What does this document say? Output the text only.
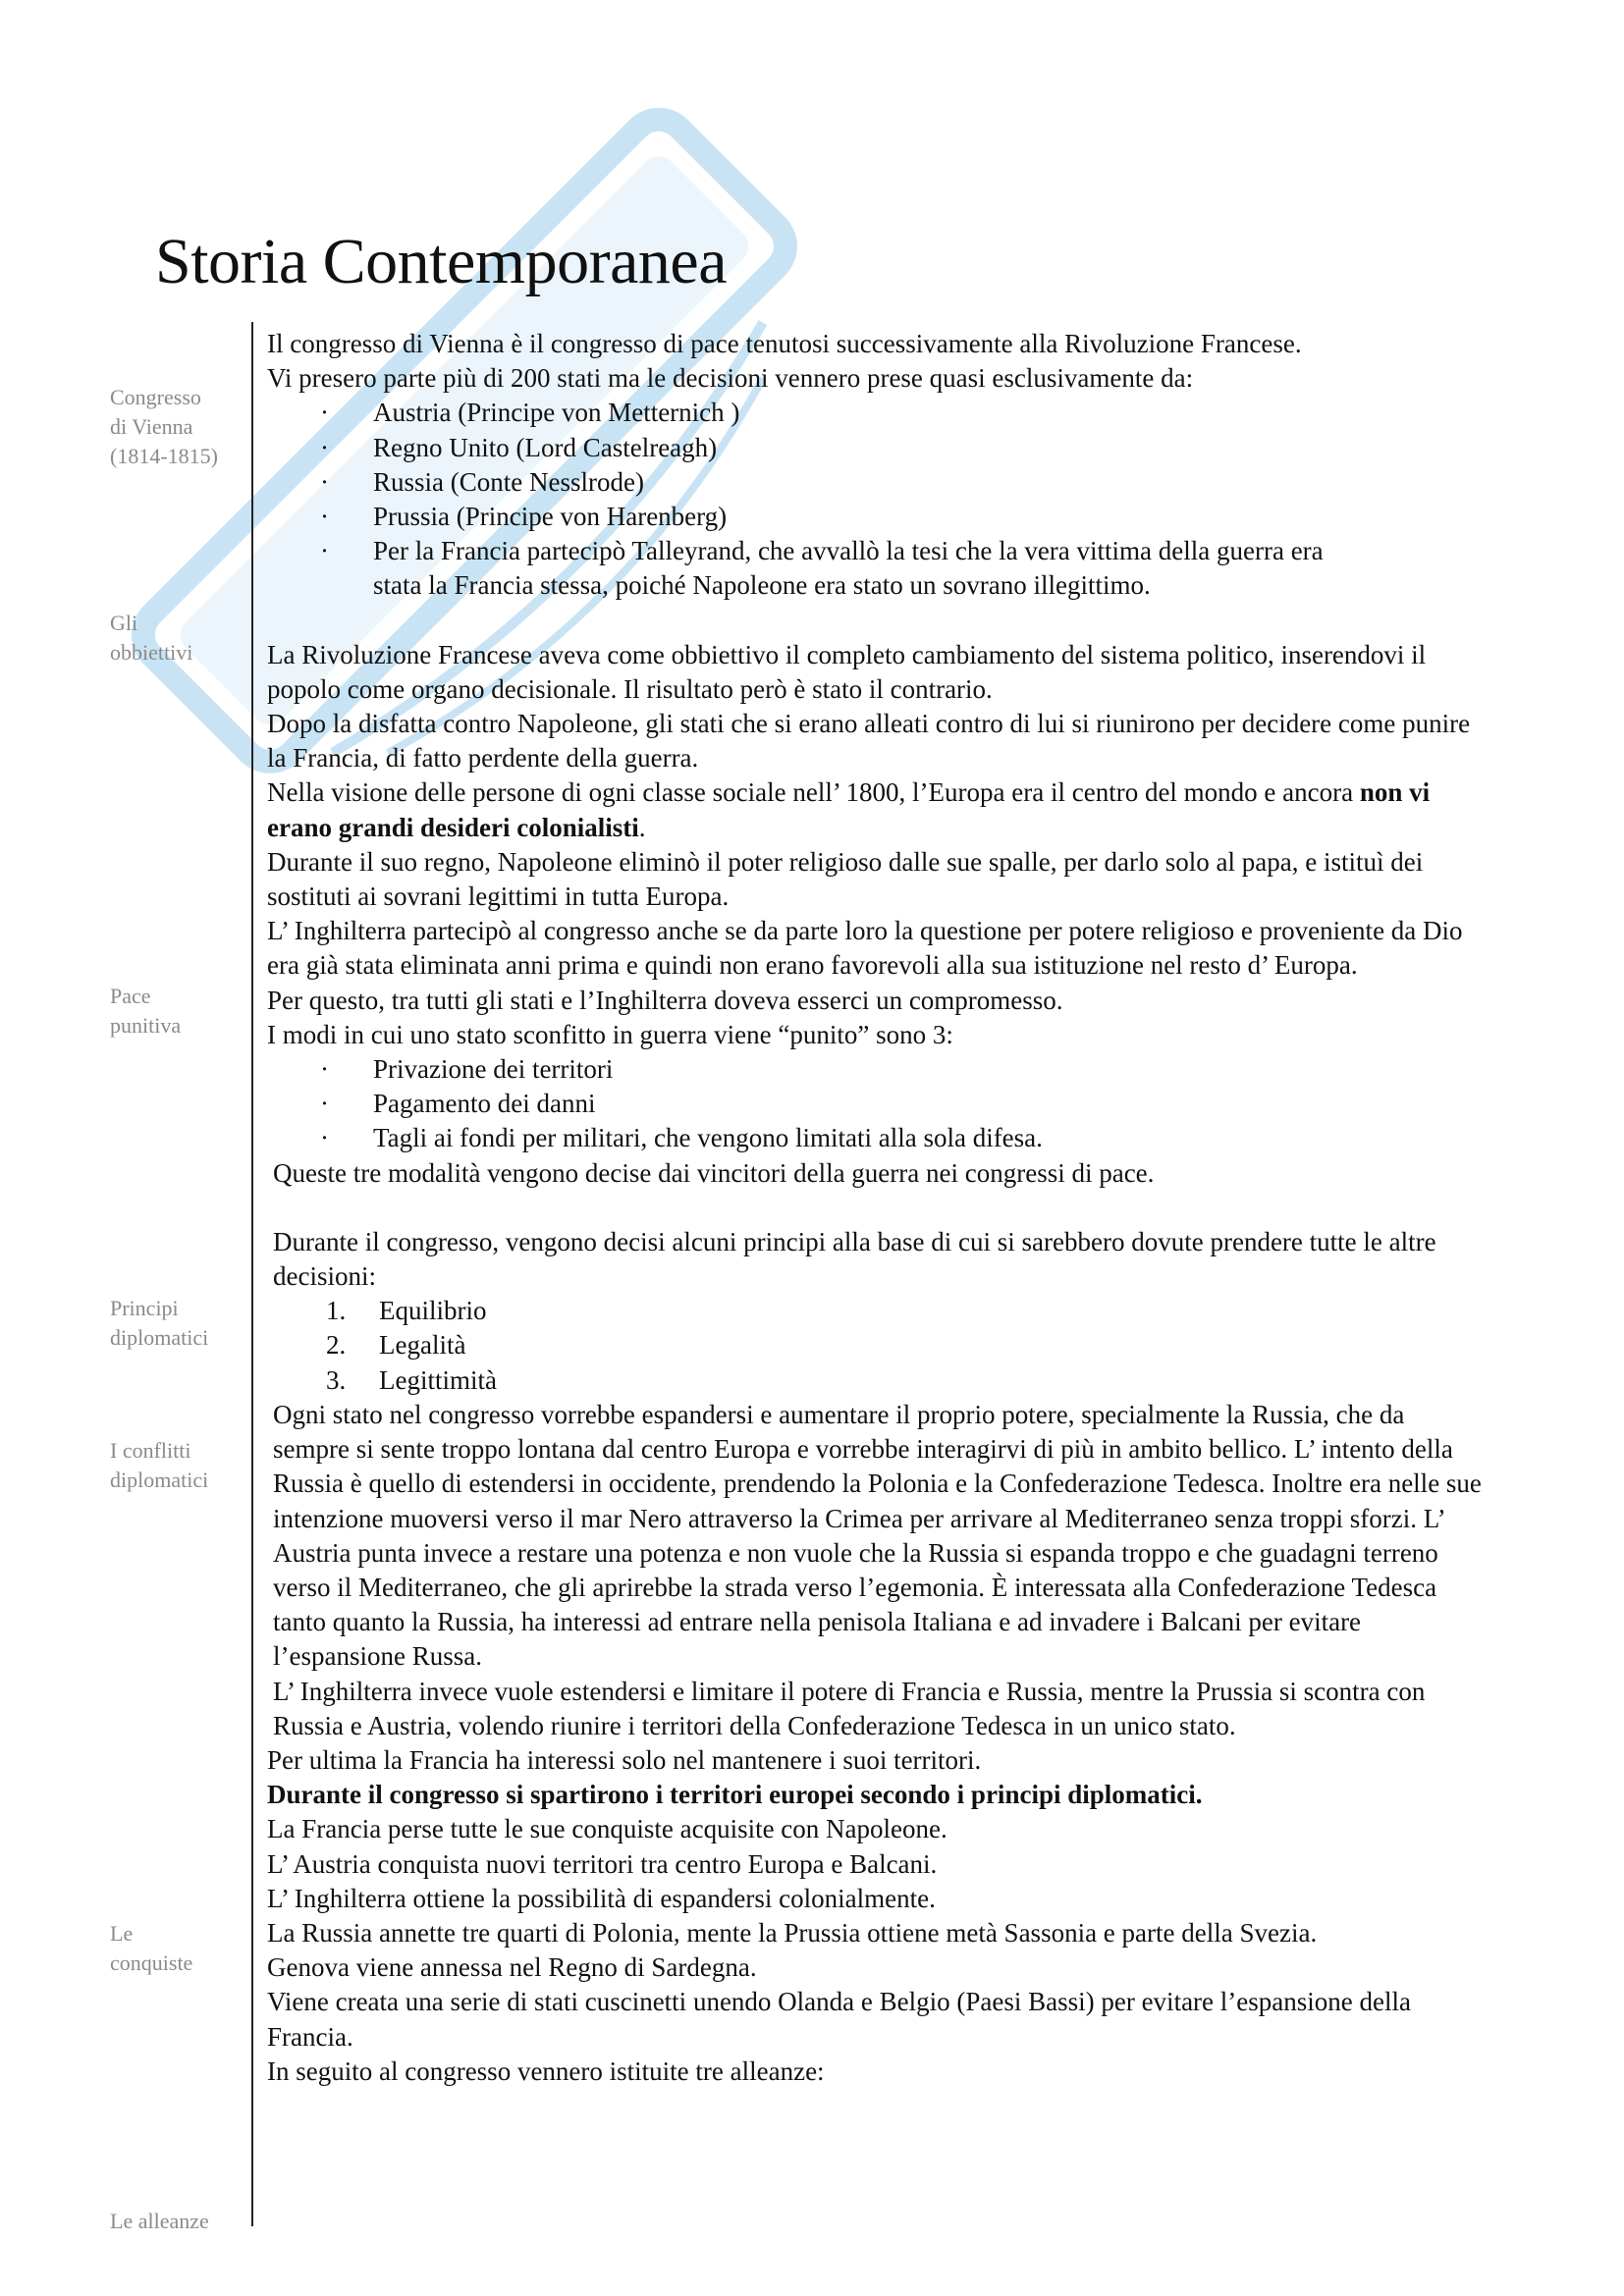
Storia Contemporanea
Congresso
di Vienna
(1814-1815)
Gli
obbiettivi
Pace
punitiva
Principi
diplomatici
I conflitti
diplomatici
Le
conquiste
Le alleanze

Il congresso di Vienna è il congresso di pace tenutosi successivamente alla Rivoluzione Francese.

Vi presero parte più di 200 stati ma le decisioni vennero prese quasi esclusivamente da:

· Austria (Principe von Metternich )
· Regno Unito (Lord Castelreagh)
· Russia (Conte Nesslrode)
· Prussia (Principe von Harenberg)
· Per la Francia partecipò Talleyrand, che avvallò la tesi che la vera vittima della guerra era
stata la Francia stessa, poiché Napoleone era stato un sovrano illegittimo.

La Rivoluzione Francese aveva come obbiettivo il completo cambiamento del sistema politico, inserendovi il popolo come organo decisionale. Il risultato però è stato il contrario.

Dopo la disfatta contro Napoleone, gli stati che si erano alleati contro di lui si riunirono per decidere come punire la Francia, di fatto perdente della guerra.

Nella visione delle persone di ogni classe sociale nell’ 1800, l’Europa era il centro del mondo e ancora non vi erano grandi desideri colonialisti.

Durante il suo regno, Napoleone eliminò il poter religioso dalle sue spalle, per darlo solo al papa, e istituì dei sostituti ai sovrani legittimi in tutta Europa.

L’ Inghilterra partecipò al congresso anche se da parte loro la questione per potere religioso e proveniente da Dio era già stata eliminata anni prima e quindi non erano favorevoli alla sua istituzione nel resto d’ Europa.

Per questo, tra tutti gli stati e l’Inghilterra doveva esserci un compromesso.

I modi in cui uno stato sconfitto in guerra viene “punito” sono 3:

· Privazione dei territori
· Pagamento dei danni
· Tagli ai fondi per militari, che vengono limitati alla sola difesa.

Queste tre modalità vengono decise dai vincitori della guerra nei congressi di pace.

Durante il congresso, vengono decisi alcuni principi alla base di cui si sarebbero dovute prendere tutte le altre decisioni:

1. Equilibrio
2. Legalità
3. Legittimità

Ogni stato nel congresso vorrebbe espandersi e aumentare il proprio potere, specialmente la Russia, che da sempre si sente troppo lontana dal centro Europa e vorrebbe interagirvi di più in ambito bellico. L’ intento della Russia è quello di estendersi in occidente, prendendo la Polonia e la Confederazione Tedesca. Inoltre era nelle sue intenzione muoversi verso il mar Nero attraverso la Crimea per arrivare al Mediterraneo senza troppi sforzi. L’ Austria punta invece a restare una potenza e non vuole che la Russia si espanda troppo e che guadagni terreno verso il Mediterraneo, che gli aprirebbe la strada verso l’egemonia. È interessata alla Confederazione Tedesca tanto quanto la Russia, ha interessi ad entrare nella penisola Italiana e ad invadere i Balcani per evitare l’espansione Russa.

L’ Inghilterra invece vuole estendersi e limitare il potere di Francia e Russia, mentre la Prussia si scontra con Russia e Austria, volendo riunire i territori della Confederazione Tedesca in un unico stato.

Per ultima la Francia ha interessi solo nel mantenere i suoi territori.

Durante il congresso si spartirono i territori europei secondo i principi diplomatici.

La Francia perse tutte le sue conquiste acquisite con Napoleone.

L’ Austria conquista nuovi territori tra centro Europa e Balcani.

L’ Inghilterra ottiene la possibilità di espandersi colonialmente.

La Russia annette tre quarti di Polonia, mente la Prussia ottiene metà Sassonia e parte della Svezia.

Genova viene annessa nel Regno di Sardegna.

Viene creata una serie di stati cuscinetti unendo Olanda e Belgio (Paesi Bassi) per evitare l’espansione della Francia.

In seguito al congresso vennero istituite tre alleanze:
